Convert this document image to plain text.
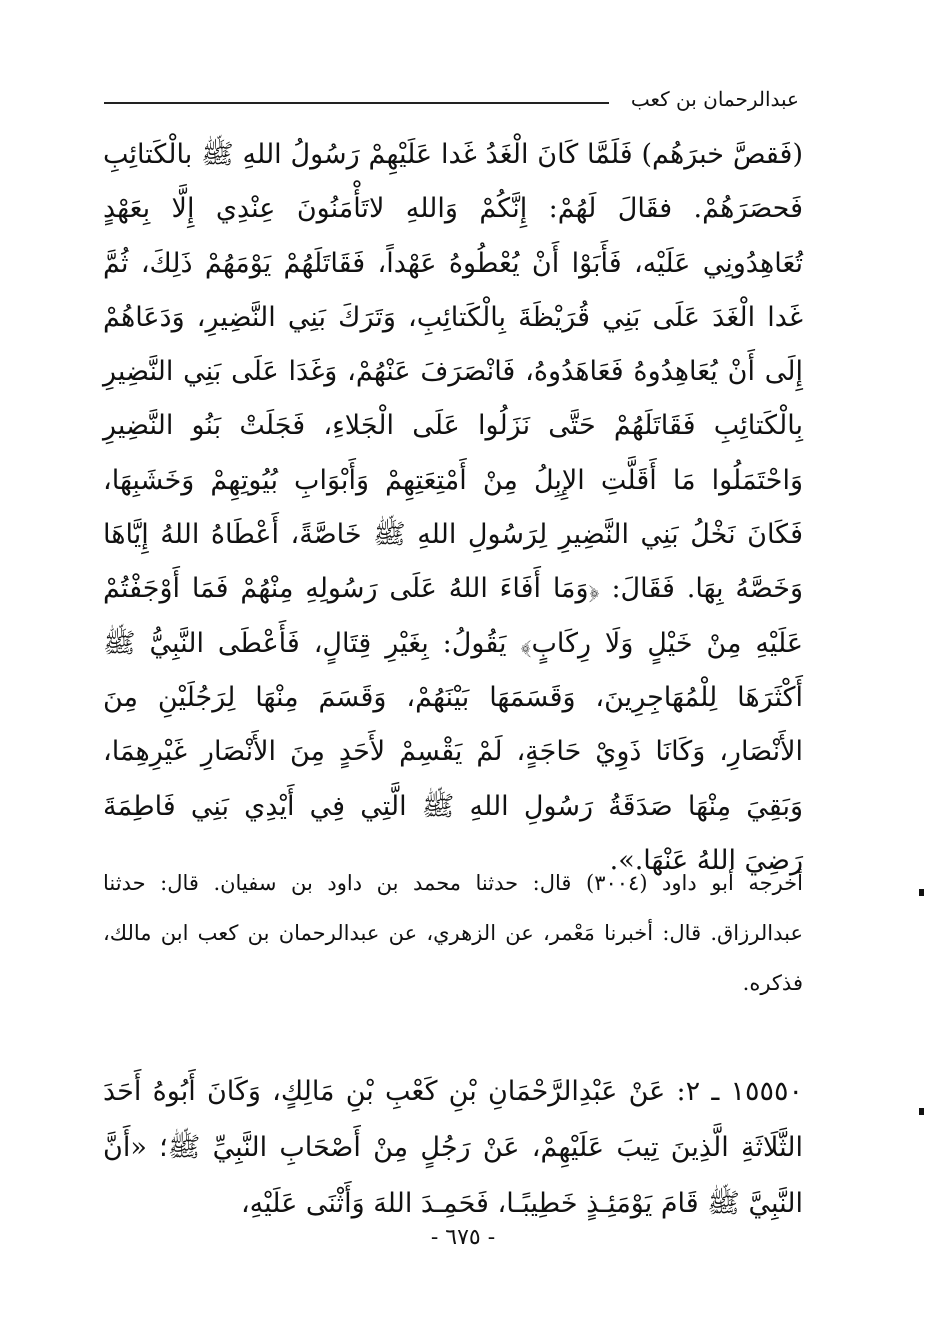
عبدالرحمان بن كعب

(فَقصَّ خبرَهُم) فَلَمَّا كَانَ الْغَدُ غَدا عَلَيْهِمْ رَسُولُ اللهِ ﷺ بالْكَتائِبِ فَحصَرَهُمْ. فقَالَ لَهُمْ: إِنَّكُمْ وَاللهِ لاتَأْمَنُونَ عِنْدِي إِلَّا بِعَهْدٍ تُعَاهِدُونِي عَلَيْه، فَأَبَوْا أَنْ يُعْطُوهُ عَهْداً، فَقَاتَلَهُمْ يَوْمَهُمْ ذَلِكَ، ثُمَّ غَدا الْغَدَ عَلَى بَنِي قُرَيْظَةَ بِالْكَتائِبِ، وَتَرَكَ بَنِي النَّضِيرِ، وَدَعَاهُمْ إِلَى أَنْ يُعَاهِدُوهُ فَعَاهَدُوهُ، فَانْصَرَفَ عَنْهُمْ، وَغَدَا عَلَى بَنِي النَّضِيرِ بِالْكَتائِبِ فَقَاتَلَهُمْ حَتَّى نَزَلُوا عَلَى الْجَلاءِ، فَجَلَتْ بَنُو النَّضِيرِ وَاحْتَمَلُوا مَا أَقَلَّتِ الإِبِلُ مِنْ أَمْتِعَتِهِمْ وَأَبْوَابِ بُيُوتِهِمْ وَخَشَبِهَا، فَكَانَ نَخْلُ بَنِي النَّضِيرِ لِرَسُولِ اللهِ ﷺ خَاصَّةً، أَعْطَاهُ اللهُ إِيَّاهَا وَخَصَّهُ بِهَا. فَقَالَ: ﴿وَمَا أَفَاءَ اللهُ عَلَى رَسُولِهِ مِنْهُمْ فَمَا أَوْجَفْتُمْ عَلَيْهِ مِنْ خَيْلٍ وَلَا رِكَابٍ﴾ يَقُولُ: بِغَيْرِ قِتَالٍ، فَأَعْطَى النَّبِيُّ ﷺ أَكْثَرَهَا لِلْمُهَاجِرِينَ، وَقَسَمَهَا بَيْنَهُمْ، وَقَسَمَ مِنْهَا لِرَجُلَيْنِ مِنَ الأَنْصَارِ، وَكَانَا ذَوِيْ حَاجَةٍ، لَمْ يَقْسِمْ لأَحَدٍ مِنَ الأَنْصَارِ غَيْرِهِمَا، وَبَقِيَ مِنْهَا صَدَقَةُ رَسُولِ اللهِ ﷺ الَّتِي فِي أَيْدِي بَنِي فَاطِمَةَ رَضِيَ اللهُ عَنْهَا.».

أخرجه أبو داود (٣٠٠٤) قال: حدثنا محمد بن داود بن سفيان. قال: حدثنا عبدالرزاق. قال: أخبرنا مَعْمر، عن الزهري، عن عبدالرحمان بن كعب ابن مالك، فذكره.

١٥٥٥٠ ـ ٢: عَنْ عَبْدِالرَّحْمَانِ بْنِ كَعْبِ بْنِ مَالِكٍ، وَكَانَ أَبُوهُ أَحَدَ الثَّلَاثَةِ الَّذِينَ تِيبَ عَلَيْهِمْ، عَنْ رَجُلٍ مِنْ أَصْحَابِ النَّبِيِّ ﷺ؛ «أَنَّ النَّبِيَّ ﷺ قَامَ يَوْمَئِـذٍ خَطِيبًـا، فَحَمِـدَ اللهَ وَأَثْنَى عَلَيْهِ،

- ٦٧٥ -
